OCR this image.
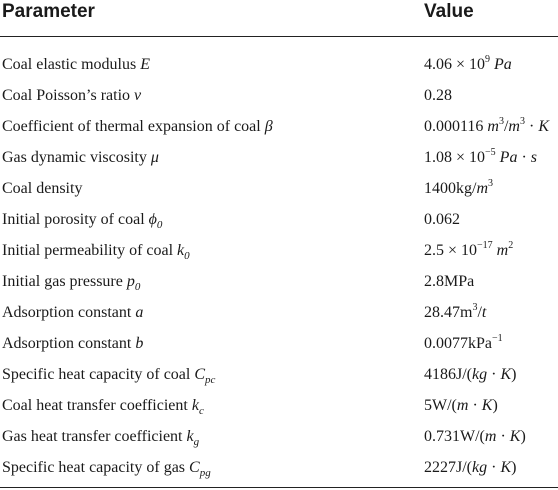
Parameter	Value
Coal elastic modulus E	$4.06 \times 10^9$ Pa
Coal Poisson’s ratio ν	0.28
Coefficient of thermal expansion of coal β	0.000116 $m^3/m^3 \cdot K$
Gas dynamic viscosity μ	$1.08 \times 10^{-5}$ Pa · s
Coal density	$1400kg/m^3$
Initial porosity of coal $\phi_0$	0.062
Initial permeability of coal $k_0$	$2.5 \times 10^{-17}$ $m^2$
Initial gas pressure $p_0$	2.8MPa
Adsorption constant a	$28.47m^3/t$
Adsorption constant b	0.0077kPa$^{-1}$
Specific heat capacity of coal $C_{pc}$	4186J/(kg · K)
Coal heat transfer coefficient $k_c$	5W/(m · K)
Gas heat transfer coefficient $k_g$	0.731W/(m · K)
Specific heat capacity of gas $C_{pg}$	2227J/(kg · K)
